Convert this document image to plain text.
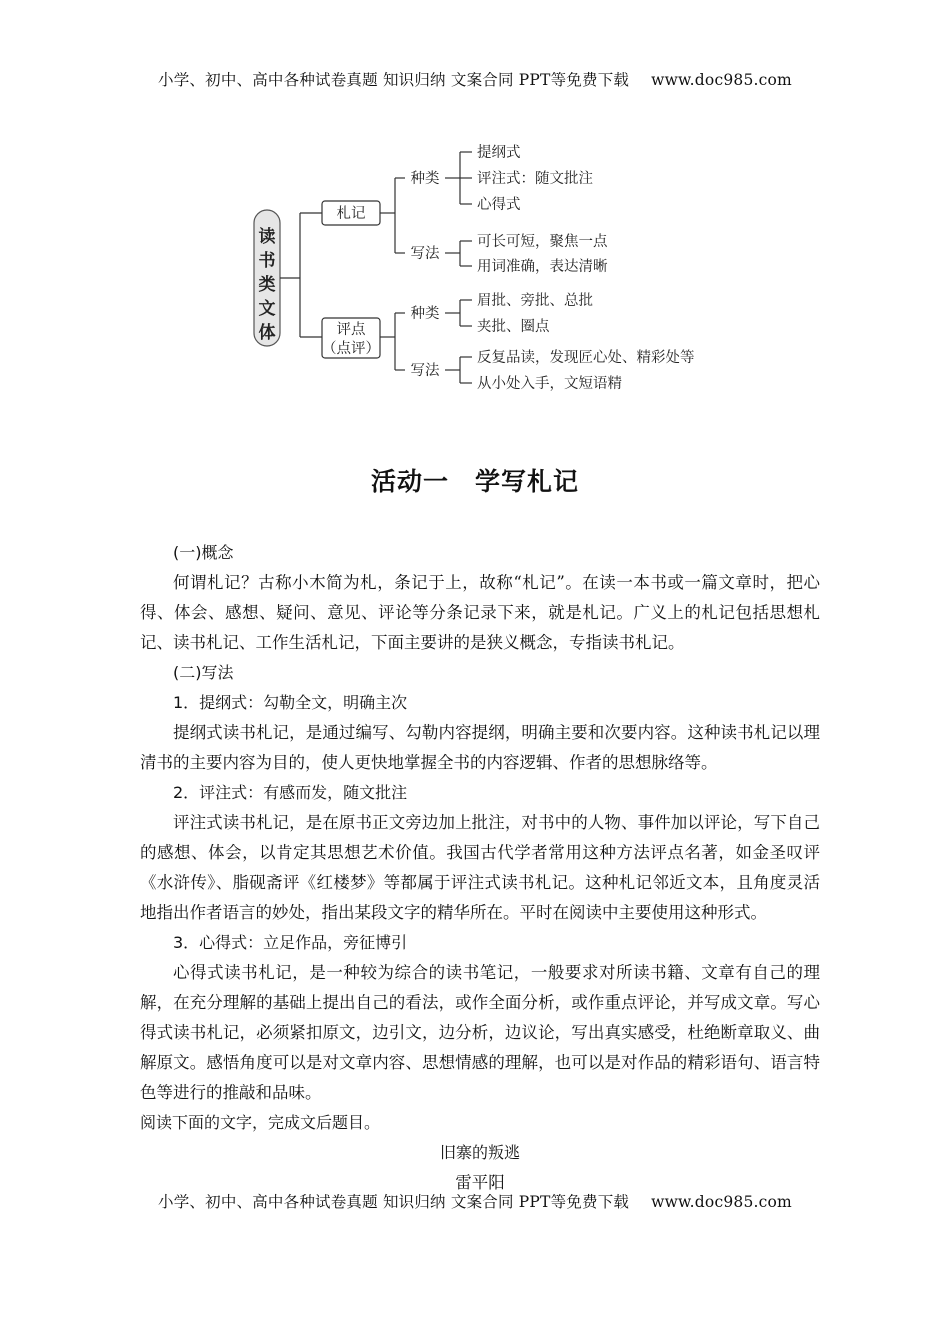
小学、初中、高中各种试卷真题 知识归纳 文案合同 PPT等免费下载 www.doc985.com
读
书
类
文
体
札记
评点
（点评）
种类
写法
种类
写法
提纲式
评注式：随文批注
心得式
可长可短，聚焦一点
用词准确，表达清晰
眉批、旁批、总批
夹批、圈点
反复品读，发现匠心处、精彩处等
从小处入手，文短语精
活动一　学写札记

(一)概念

何谓札记？古称小木简为札，条记于上，故称“札记”。在读一本书或一篇文章时，把心得、体会、感想、疑问、意见、评论等分条记录下来，就是札记。广义上的札记包括思想札记、读书札记、工作生活札记，下面主要讲的是狭义概念，专指读书札记。

(二)写法

1．提纲式：勾勒全文，明确主次

提纲式读书札记，是通过编写、勾勒内容提纲，明确主要和次要内容。这种读书札记以理清书的主要内容为目的，使人更快地掌握全书的内容逻辑、作者的思想脉络等。

2．评注式：有感而发，随文批注

评注式读书札记，是在原书正文旁边加上批注，对书中的人物、事件加以评论，写下自己的感想、体会，以肯定其思想艺术价值。我国古代学者常用这种方法评点名著，如金圣叹评《水浒传》、脂砚斋评《红楼梦》等都属于评注式读书札记。这种札记邻近文本，且角度灵活地指出作者语言的妙处，指出某段文字的精华所在。平时在阅读中主要使用这种形式。

3．心得式：立足作品，旁征博引

心得式读书札记，是一种较为综合的读书笔记，一般要求对所读书籍、文章有自己的理解，在充分理解的基础上提出自己的看法，或作全面分析，或作重点评论，并写成文章。写心得式读书札记，必须紧扣原文，边引文，边分析，边议论，写出真实感受，杜绝断章取义、曲解原文。感悟角度可以是对文章内容、思想情感的理解，也可以是对作品的精彩语句、语言特色等进行的推敲和品味。

阅读下面的文字，完成文后题目。

旧寨的叛逃

雷平阳

小学、初中、高中各种试卷真题 知识归纳 文案合同 PPT等免费下载 www.doc985.com
